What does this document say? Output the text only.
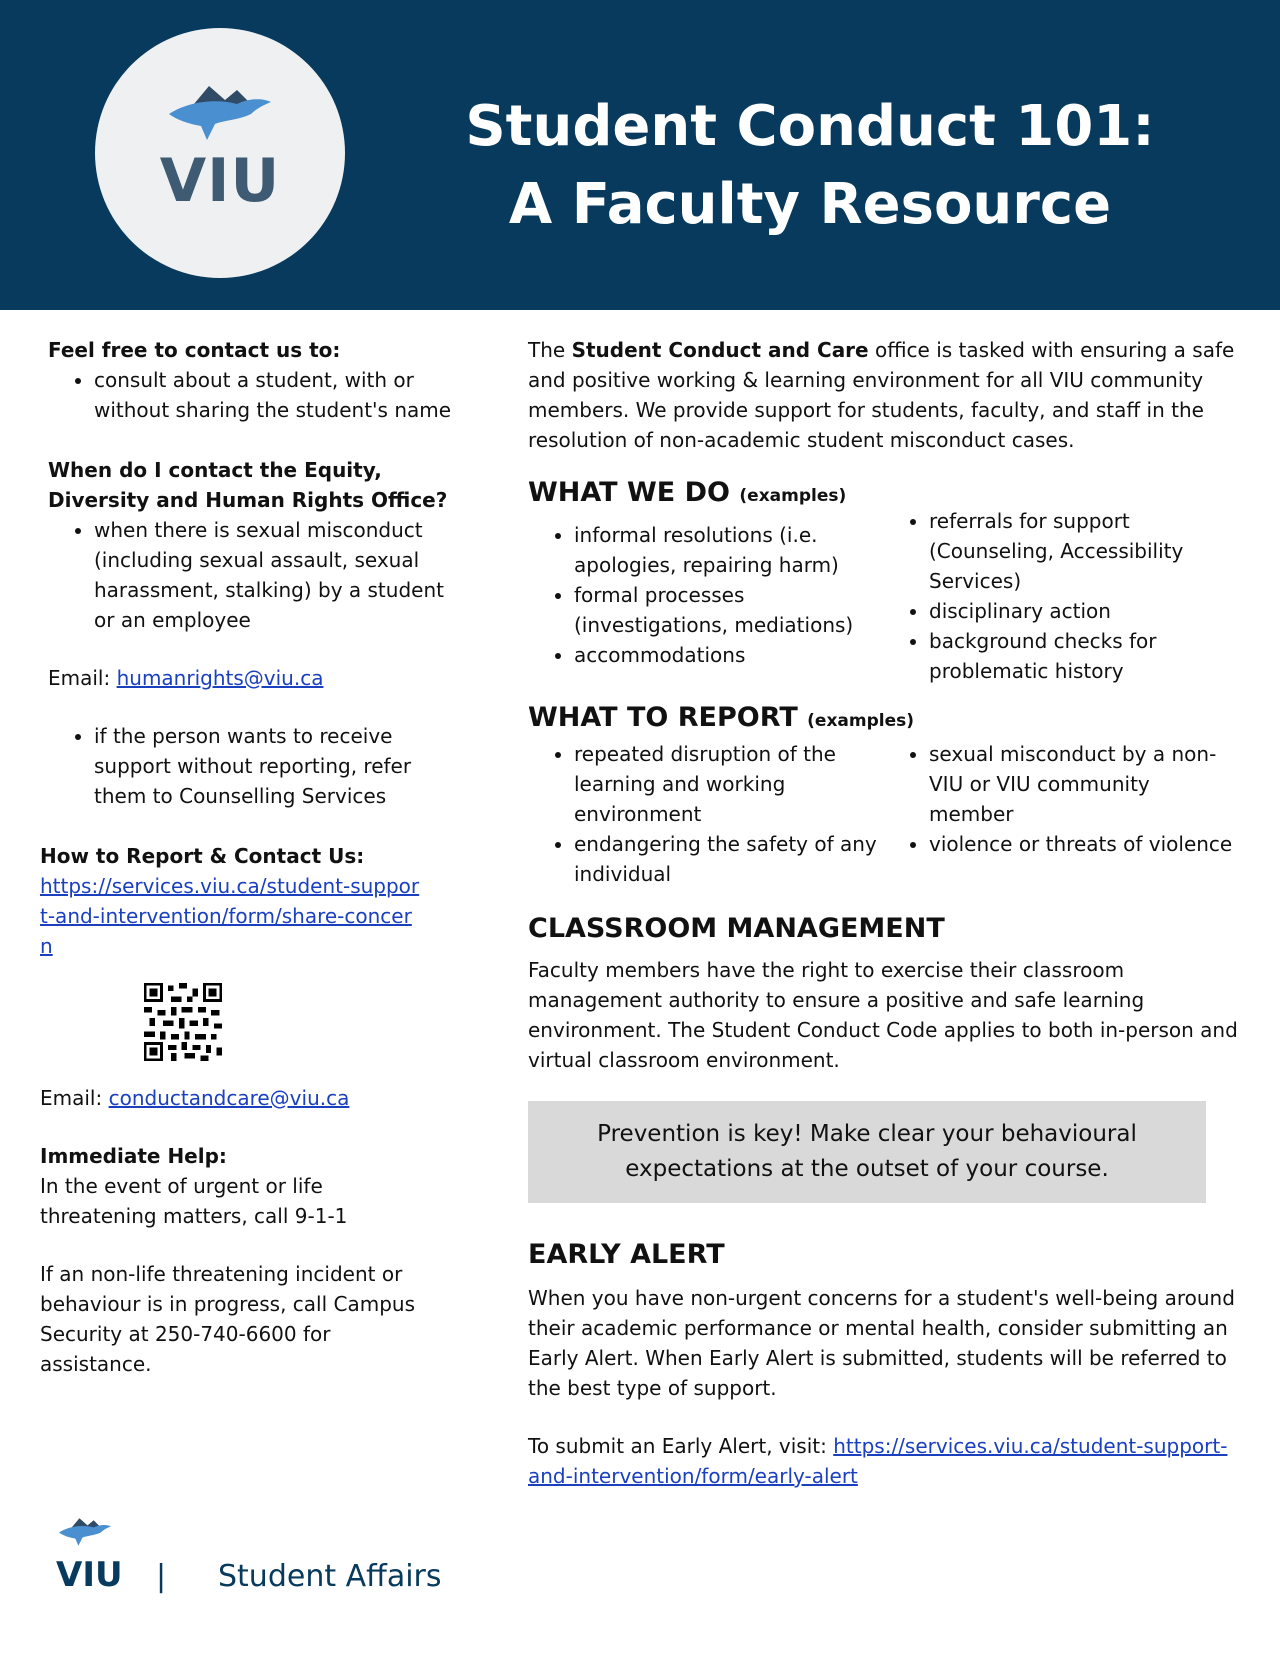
VIU
Student Conduct 101:
A Faculty Resource
Feel free to contact us to:
• consult about a student, with or without sharing the student's name
When do I contact the Equity, Diversity and Human Rights Office?
• when there is sexual misconduct (including sexual assault, sexual harassment, stalking) by a student or an employee
Email: humanrights@viu.ca
• if the person wants to receive support without reporting, refer them to Counselling Services
How to Report & Contact Us:
https://services.viu.ca/student-support-and-intervention/form/share-concern
Email: conductandcare@viu.ca
Immediate Help:
In the event of urgent or life threatening matters, call 9-1-1
If an non-life threatening incident or behaviour is in progress, call Campus Security at 250-740-6600 for assistance.
The Student Conduct and Care office is tasked with ensuring a safe and positive working & learning environment for all VIU community members. We provide support for students, faculty, and staff in the resolution of non-academic student misconduct cases.
WHAT WE DO (examples)
• informal resolutions (i.e. apologies, repairing harm)
• formal processes (investigations, mediations)
• accommodations
• referrals for support (Counseling, Accessibility Services)
• disciplinary action
• background checks for problematic history
WHAT TO REPORT (examples)
• repeated disruption of the learning and working environment
• endangering the safety of any individual
• sexual misconduct by a non-VIU or VIU community member
• violence or threats of violence
CLASSROOM MANAGEMENT
Faculty members have the right to exercise their classroom management authority to ensure a positive and safe learning environment. The Student Conduct Code applies to both in-person and virtual classroom environment.
Prevention is key! Make clear your behavioural expectations at the outset of your course.
EARLY ALERT
When you have non-urgent concerns for a student's well-being around their academic performance or mental health, consider submitting an Early Alert. When Early Alert is submitted, students will be referred to the best type of support.
To submit an Early Alert, visit: https://services.viu.ca/student-support-and-intervention/form/early-alert
VIU | Student Affairs
